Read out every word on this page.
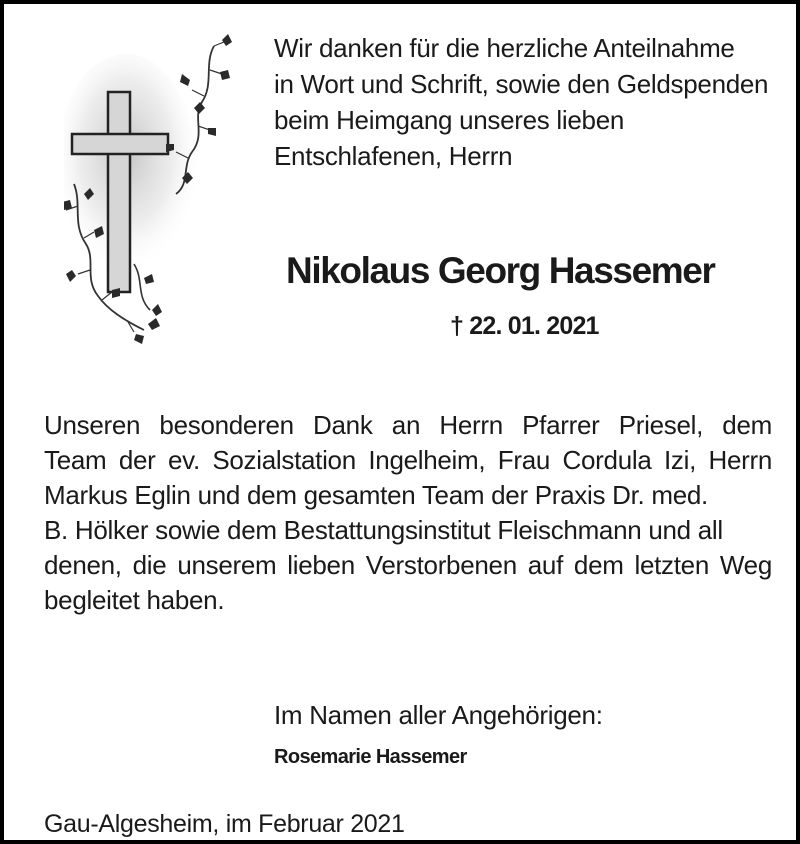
Wir danken für die herzliche Anteilnahme
in Wort und Schrift, sowie den Geldspenden
beim Heimgang unseres lieben
Entschlafenen, Herrn
Nikolaus Georg Hassemer
† 22. 01. 2021
Unseren besonderen Dank an Herrn Pfarrer Priesel, dem
Team der ev. Sozialstation Ingelheim, Frau Cordula Izi, Herrn
Markus Eglin und dem gesamten Team der Praxis Dr. med.
B. Hölker sowie dem Bestattungsinstitut Fleischmann und all
denen, die unserem lieben Verstorbenen auf dem letzten Weg
begleitet haben.
Im Namen aller Angehörigen:
Rosemarie Hassemer
Gau-Algesheim, im Februar 2021
